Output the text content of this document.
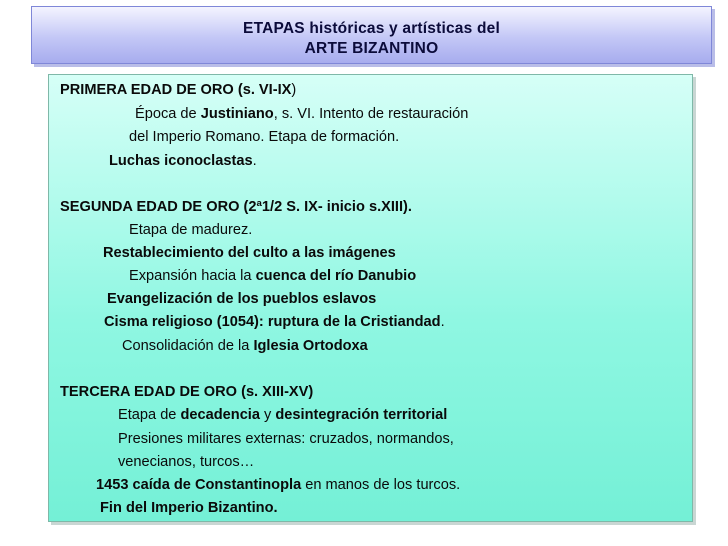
ETAPAS históricas y artísticas del
ARTE BIZANTINO
PRIMERA EDAD DE ORO (s. VI-IX)
Época de Justiniano, s. VI. Intento de restauración
del Imperio Romano. Etapa de formación.
Luchas iconoclastas.
SEGUNDA EDAD DE ORO (2ª1/2 S. IX- inicio s.XIII).
Etapa de madurez.
Restablecimiento del culto a las imágenes
Expansión hacia la cuenca del río Danubio
Evangelización de los pueblos eslavos
Cisma religioso (1054): ruptura de la Cristiandad.
Consolidación de la Iglesia Ortodoxa
TERCERA EDAD DE ORO (s. XIII-XV)
Etapa de decadencia y desintegración territorial
Presiones militares externas: cruzados, normandos,
venecianos, turcos…
1453 caída de Constantinopla en manos de los turcos.
Fin del Imperio Bizantino.
